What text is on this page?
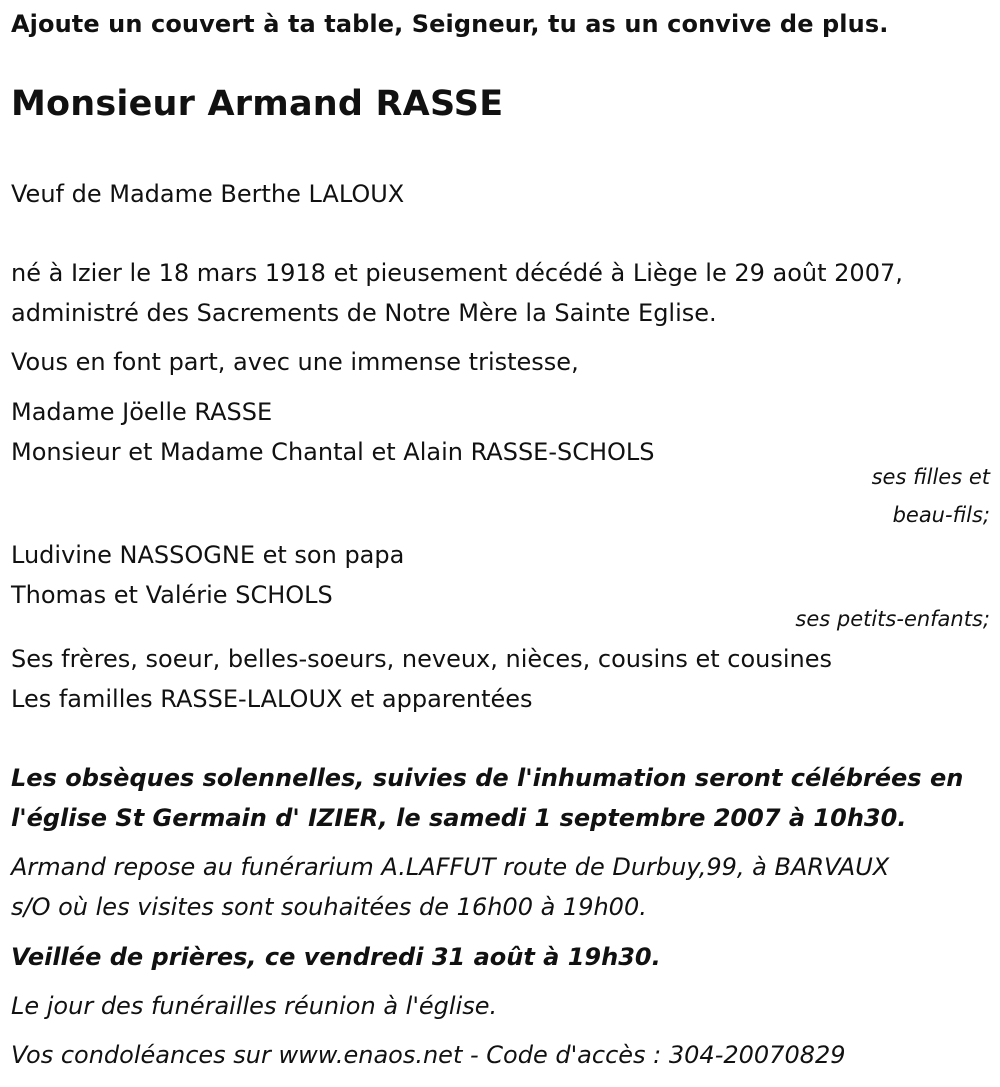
Ajoute un couvert à ta table, Seigneur, tu as un convive de plus.
Monsieur Armand RASSE
Veuf de Madame Berthe LALOUX
né à Izier le 18 mars 1918 et pieusement décédé à Liège le 29 août 2007,
administré des Sacrements de Notre Mère la Sainte Eglise.
Vous en font part, avec une immense tristesse,
Madame Jöelle RASSE
Monsieur et Madame Chantal et Alain RASSE-SCHOLS
ses filles et
beau-fils;
Ludivine NASSOGNE et son papa
Thomas et Valérie SCHOLS
ses petits-enfants;
Ses frères, soeur, belles-soeurs, neveux, nièces, cousins et cousines
Les familles RASSE-LALOUX et apparentées
Les obsèques solennelles, suivies de l'inhumation seront célébrées en
l'église St Germain d' IZIER, le samedi 1 septembre 2007 à 10h30.
Armand repose au funérarium A.LAFFUT route de Durbuy,99, à BARVAUX
s/O où les visites sont souhaitées de 16h00 à 19h00.
Veillée de prières, ce vendredi 31 août à 19h30.
Le jour des funérailles réunion à l'église.
Vos condoléances sur www.enaos.net - Code d'accès : 304-20070829
